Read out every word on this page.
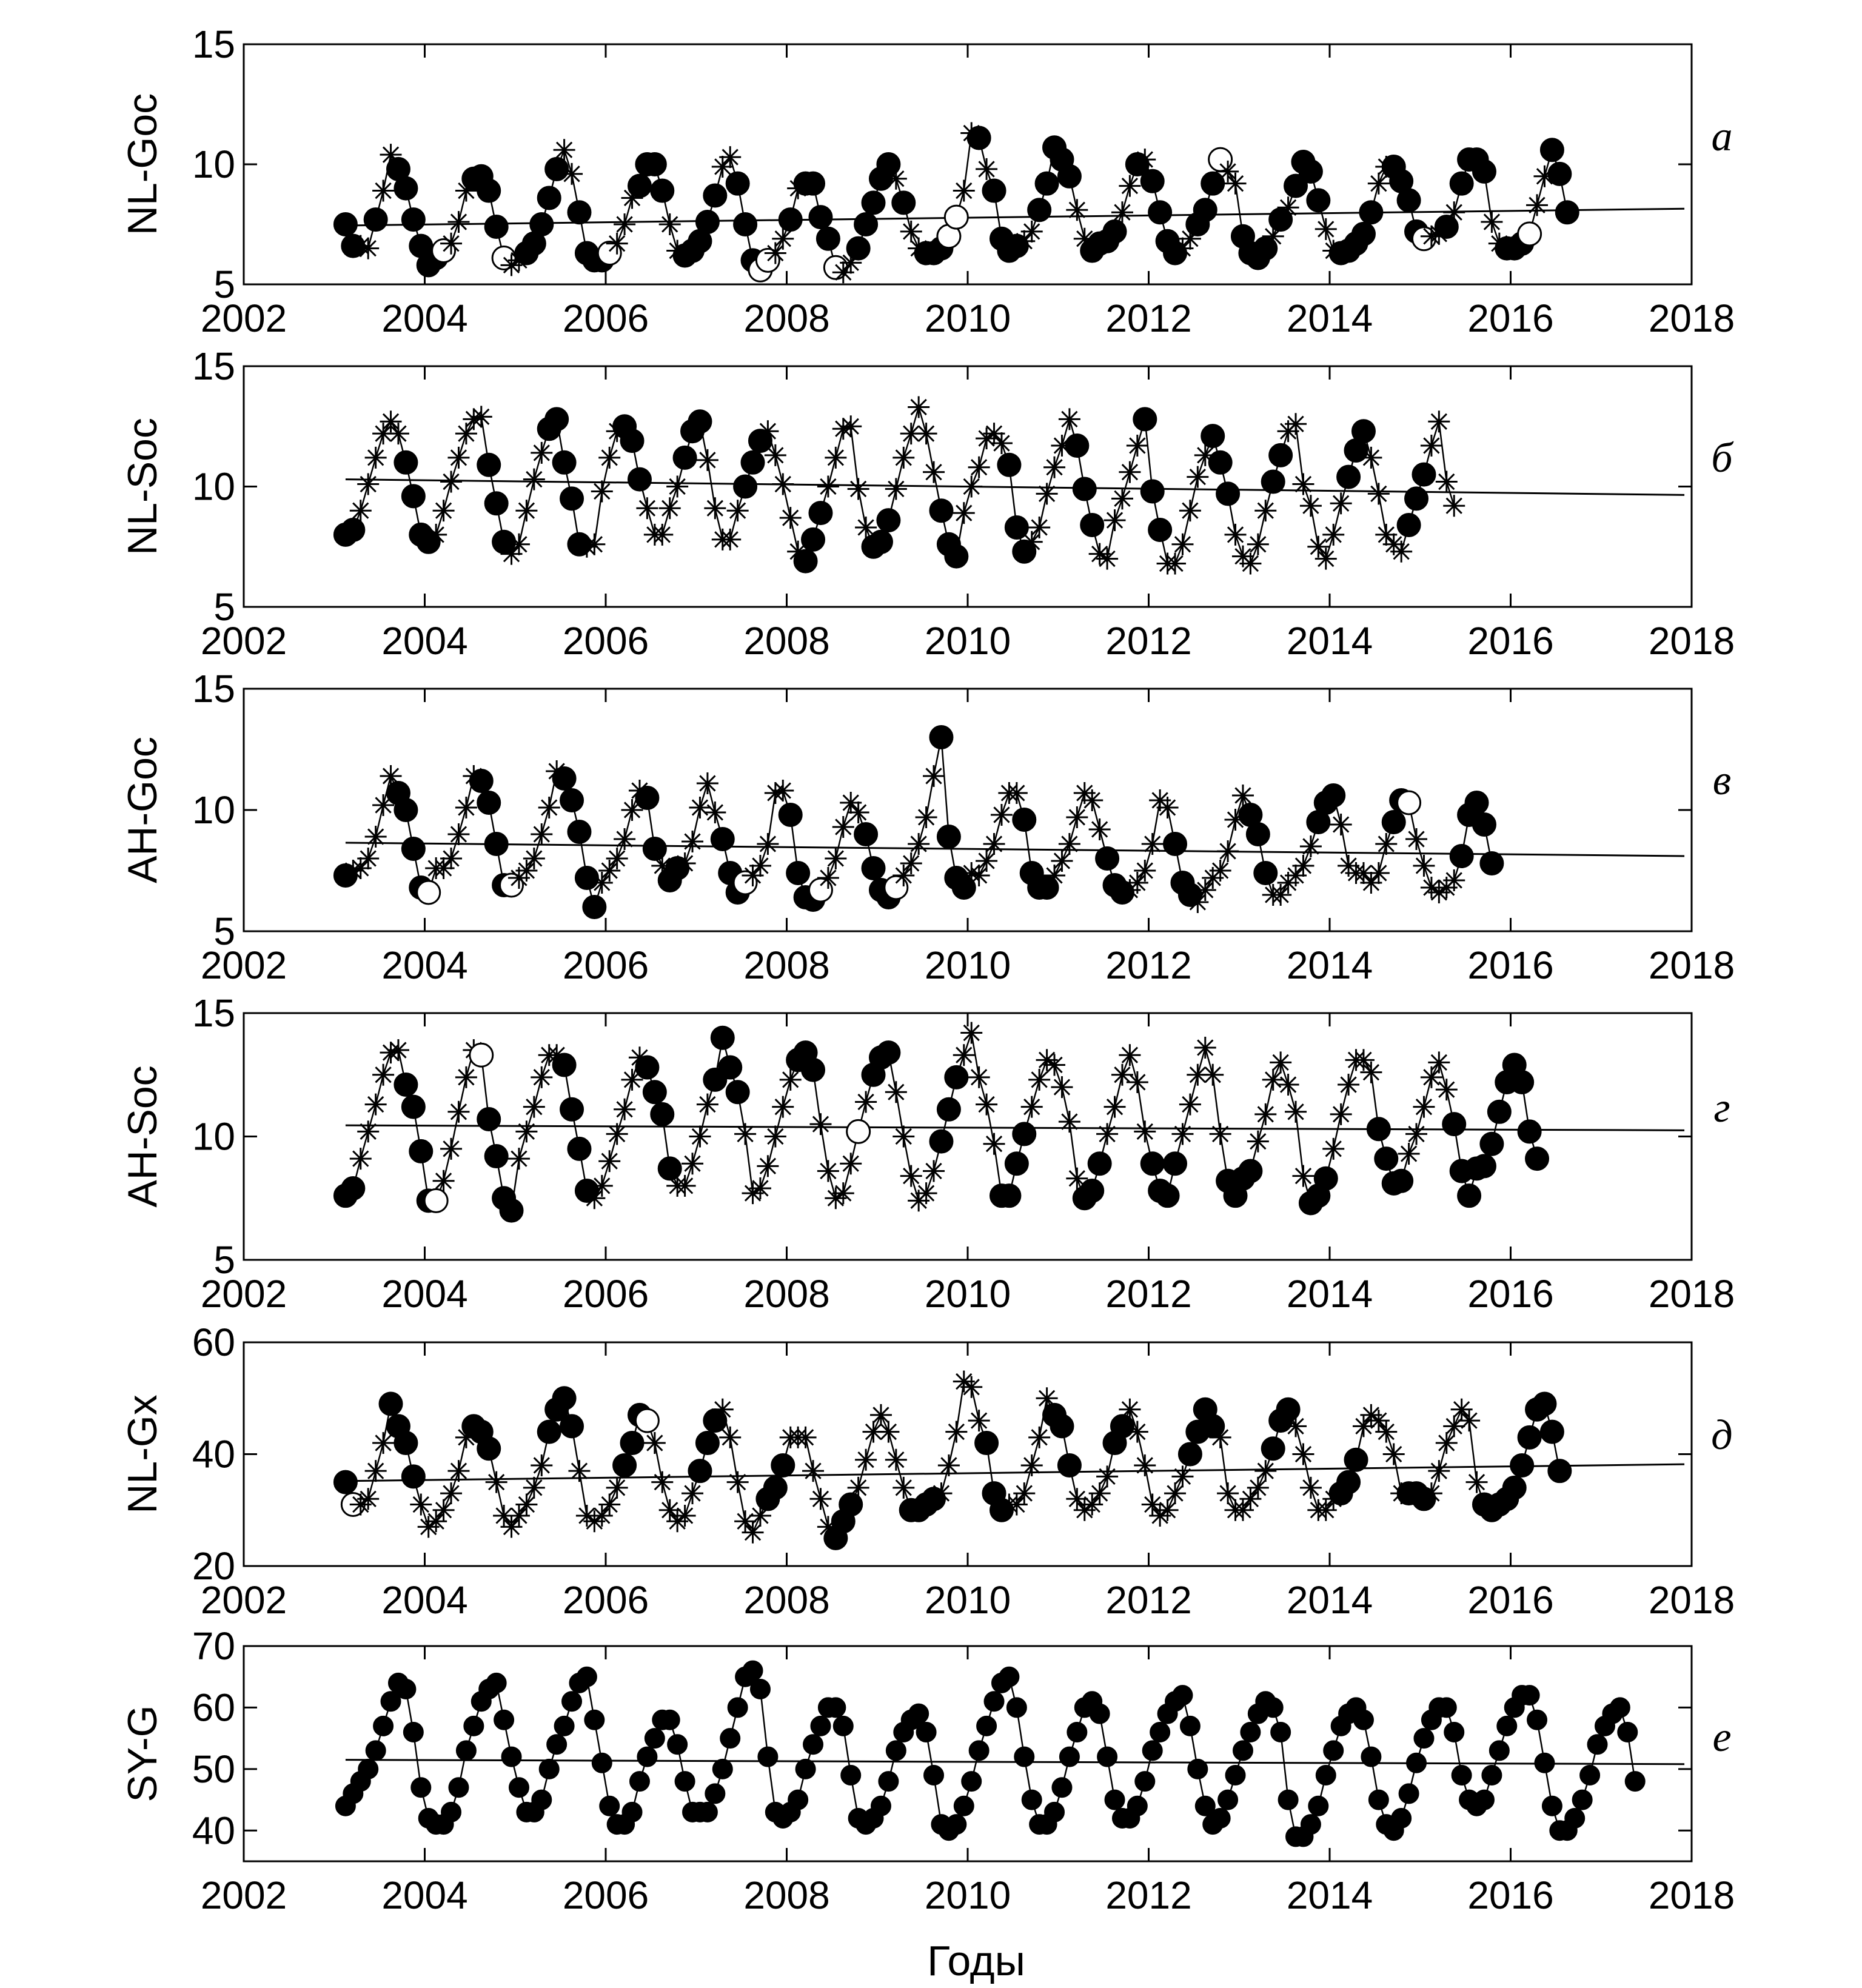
5
10
15
2002 2004 2006 2008 2010 2012 2014 2016 2018
NL-Goc	а
5
10
15
2002 2004 2006 2008 2010 2012 2014 2016 2018
NL-Soc	б
5
10
15
2002 2004 2006 2008 2010 2012 2014 2016 2018
AH-Goc	в
5
10
15
2002 2004 2006 2008 2010 2012 2014 2016 2018
AH-Soc	г
20
40
60
2002 2004 2006 2008 2010 2012 2014 2016 2018
NL-Gx	д
40
50
60
70
2002 2004 2006 2008 2010 2012 2014 2016 2018
SY-G	е
Годы
